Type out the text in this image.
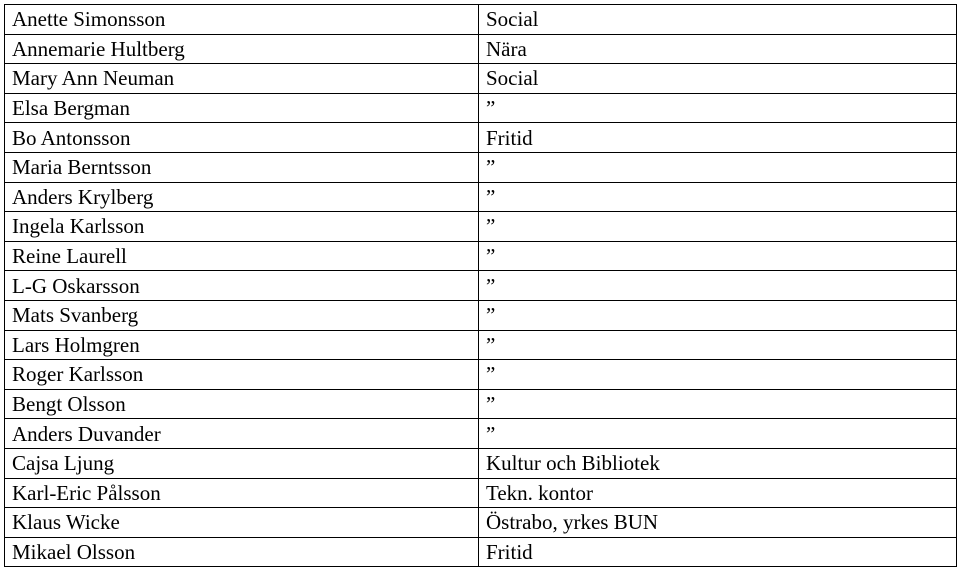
Anette Simonsson	Social
Annemarie Hultberg	Nära
Mary Ann Neuman	Social
Elsa Bergman	”
Bo Antonsson	Fritid
Maria Berntsson	”
Anders Krylberg	”
Ingela Karlsson	”
Reine Laurell	”
L-G Oskarsson	”
Mats Svanberg	”
Lars Holmgren	”
Roger Karlsson	”
Bengt Olsson	”
Anders Duvander	”
Cajsa Ljung	Kultur och Bibliotek
Karl-Eric Pålsson	Tekn. kontor
Klaus Wicke	Östrabo, yrkes BUN
Mikael Olsson	Fritid
